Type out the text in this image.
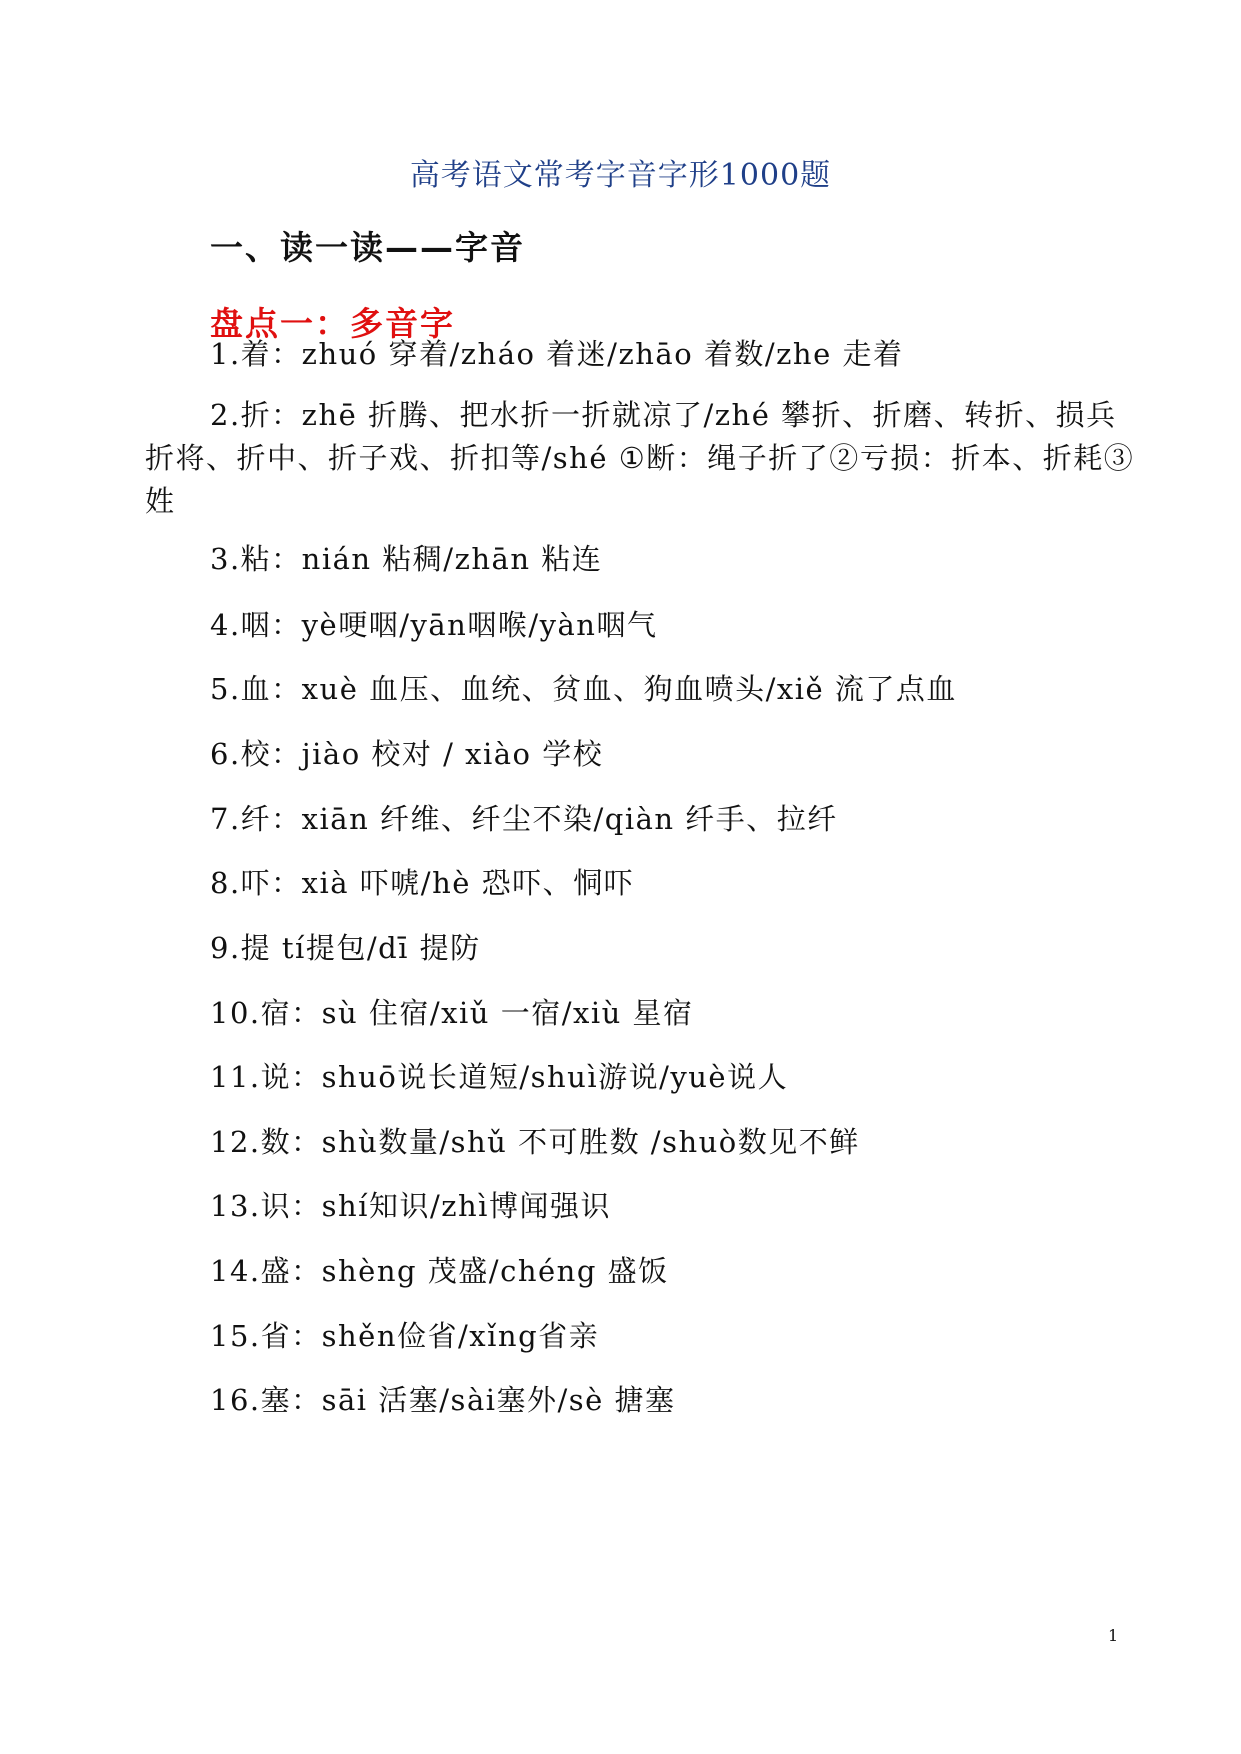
高考语文常考字音字形1000题
一、读一读——字音
盘点一：多音字
1.着：zhuó 穿着/zháo 着迷/zhāo 着数/zhe 走着
2.折：zhē 折腾、把水折一折就凉了/zhé 攀折、折磨、转折、损兵折将、折中、折子戏、折扣等/shé ①断：绳子折了②亏损：折本、折耗③姓
3.粘：nián 粘稠/zhān 粘连
4.咽：yè哽咽/yān咽喉/yàn咽气
5.血：xuè 血压、血统、贫血、狗血喷头/xiě 流了点血
6.校：jiào 校对 / xiào 学校
7.纤：xiān 纤维、纤尘不染/qiàn 纤手、拉纤
8.吓：xià 吓唬/hè 恐吓、恫吓
9.提 tí提包/dī 提防
10.宿：sù 住宿/xiǔ 一宿/xiù 星宿
11.说：shuō说长道短/shuì游说/yuè说人
12.数：shù数量/shǔ 不可胜数 /shuò数见不鲜
13.识：shí知识/zhì博闻强识
14.盛：shèng 茂盛/chéng 盛饭
15.省：shěn俭省/xǐng省亲
16.塞：sāi 活塞/sài塞外/sè 搪塞
1
